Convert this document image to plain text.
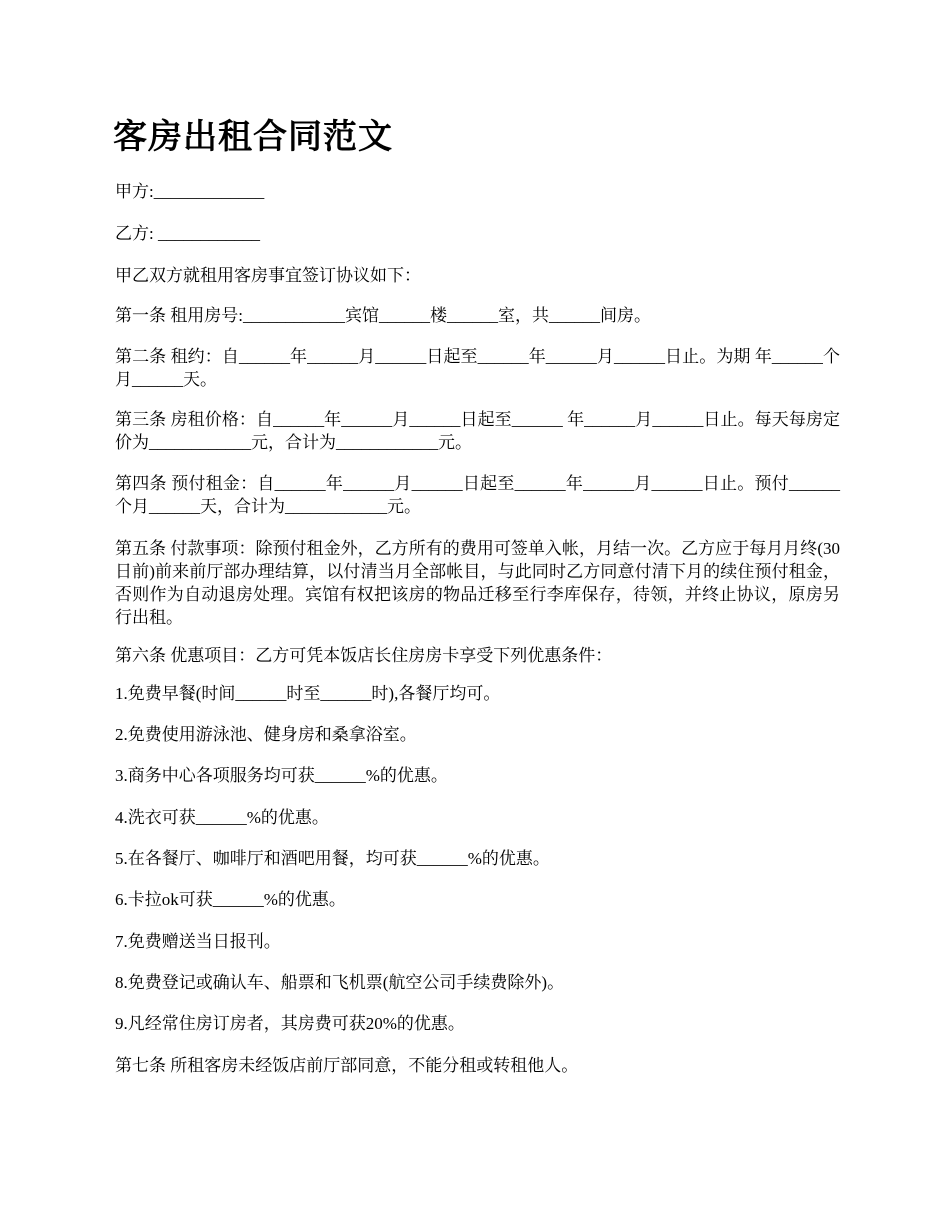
客房出租合同范文

甲方:_____________

乙方: ____________

甲乙双方就租用客房事宜签订协议如下：

第一条 租用房号:____________宾馆______楼______室，共______间房。

第二条 租约：自______年______月______日起至______年______月______日止。为期 年______个月______天。

第三条 房租价格：自______年______月______日起至______ 年______月______日止。每天每房定价为____________元，合计为____________元。

第四条 预付租金：自______年______月______日起至______年______月______日止。预付______个月______天，合计为____________元。

第五条 付款事项：除预付租金外，乙方所有的费用可签单入帐，月结一次。乙方应于每月月终(30日前)前来前厅部办理结算，以付清当月全部帐目，与此同时乙方同意付清下月的续住预付租金，否则作为自动退房处理。宾馆有权把该房的物品迁移至行李库保存，待领，并终止协议，原房另行出租。

第六条 优惠项目：乙方可凭本饭店长住房房卡享受下列优惠条件：

1.免费早餐(时间______时至______时),各餐厅均可。

2.免费使用游泳池、健身房和桑拿浴室。

3.商务中心各项服务均可获______%的优惠。

4.洗衣可获______%的优惠。

5.在各餐厅、咖啡厅和酒吧用餐，均可获______%的优惠。

6.卡拉ok可获______%的优惠。

7.免费赠送当日报刊。

8.免费登记或确认车、船票和飞机票(航空公司手续费除外)。

9.凡经常住房订房者，其房费可获20%的优惠。

第七条 所租客房未经饭店前厅部同意，不能分租或转租他人。
